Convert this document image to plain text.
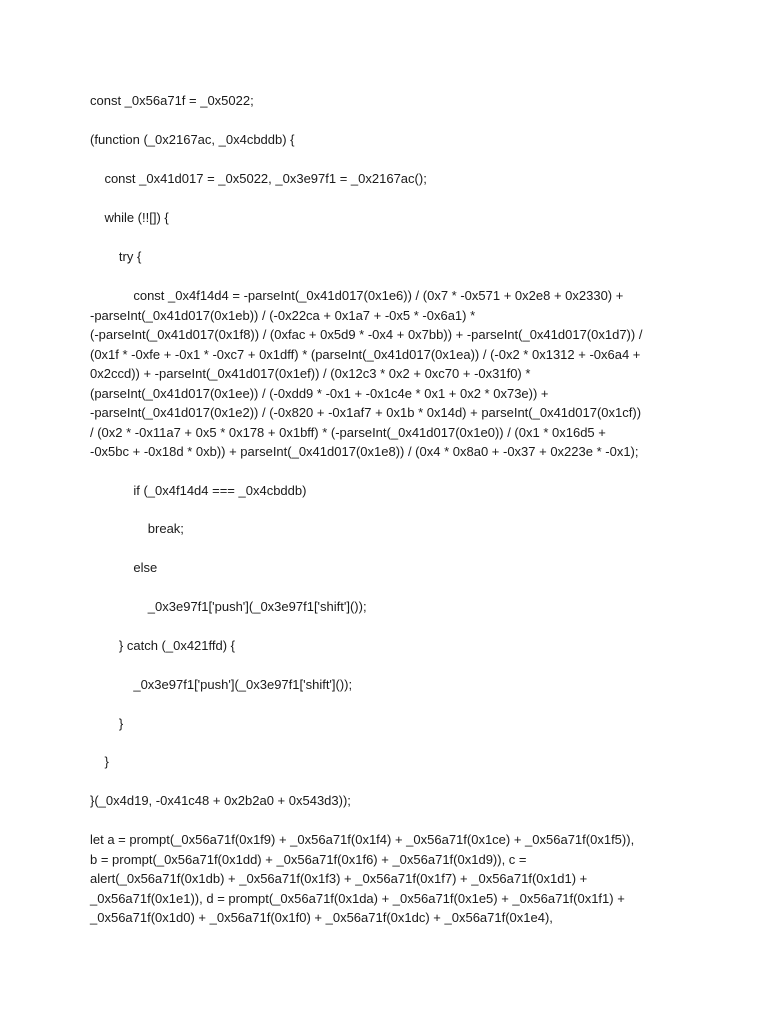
const _0x56a71f = _0x5022;
(function (_0x2167ac, _0x4cbddb) {
const _0x41d017 = _0x5022, _0x3e97f1 = _0x2167ac();
while (!![]) {
try {
const _0x4f14d4 = -parseInt(_0x41d017(0x1e6)) / (0x7 * -0x571 + 0x2e8 + 0x2330) +
-parseInt(_0x41d017(0x1eb)) / (-0x22ca + 0x1a7 + -0x5 * -0x6a1) *
(-parseInt(_0x41d017(0x1f8)) / (0xfac + 0x5d9 * -0x4 + 0x7bb)) + -parseInt(_0x41d017(0x1d7)) /
(0x1f * -0xfe + -0x1 * -0xc7 + 0x1dff) * (parseInt(_0x41d017(0x1ea)) / (-0x2 * 0x1312 + -0x6a4 +
0x2ccd)) + -parseInt(_0x41d017(0x1ef)) / (0x12c3 * 0x2 + 0xc70 + -0x31f0) *
(parseInt(_0x41d017(0x1ee)) / (-0xdd9 * -0x1 + -0x1c4e * 0x1 + 0x2 * 0x73e)) +
-parseInt(_0x41d017(0x1e2)) / (-0x820 + -0x1af7 + 0x1b * 0x14d) + parseInt(_0x41d017(0x1cf))
/ (0x2 * -0x11a7 + 0x5 * 0x178 + 0x1bff) * (-parseInt(_0x41d017(0x1e0)) / (0x1 * 0x16d5 +
-0x5bc + -0x18d * 0xb)) + parseInt(_0x41d017(0x1e8)) / (0x4 * 0x8a0 + -0x37 + 0x223e * -0x1);
if (_0x4f14d4 === _0x4cbddb)
break;
else
_0x3e97f1['push'](_0x3e97f1['shift']());
} catch (_0x421ffd) {
_0x3e97f1['push'](_0x3e97f1['shift']());
}
}
}(_0x4d19, -0x41c48 + 0x2b2a0 + 0x543d3));
let a = prompt(_0x56a71f(0x1f9) + _0x56a71f(0x1f4) + _0x56a71f(0x1ce) + _0x56a71f(0x1f5)),
b = prompt(_0x56a71f(0x1dd) + _0x56a71f(0x1f6) + _0x56a71f(0x1d9)), c =
alert(_0x56a71f(0x1db) + _0x56a71f(0x1f3) + _0x56a71f(0x1f7) + _0x56a71f(0x1d1) +
_0x56a71f(0x1e1)), d = prompt(_0x56a71f(0x1da) + _0x56a71f(0x1e5) + _0x56a71f(0x1f1) +
_0x56a71f(0x1d0) + _0x56a71f(0x1f0) + _0x56a71f(0x1dc) + _0x56a71f(0x1e4),
